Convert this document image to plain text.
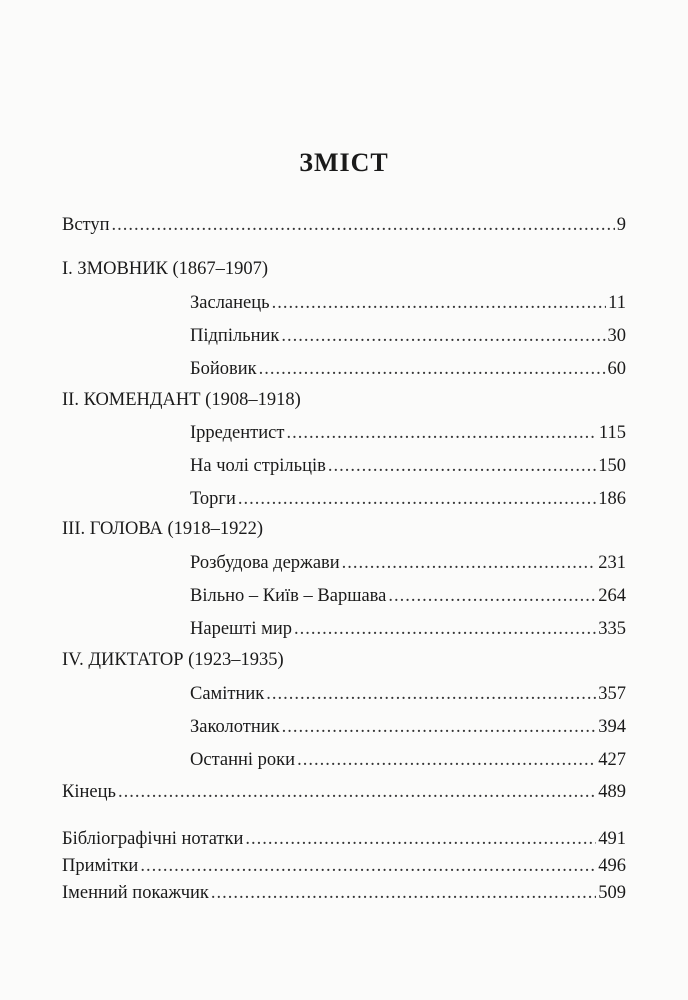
ЗМІСТ
Вступ .....	9
І. ЗМОВНИК (1867–1907)
Засланець .....	11
Підпільник .....	30
Бойовик .....	60
ІІ. КОМЕНДАНТ (1908–1918)
Ірредентист .....	115
На чолі стрільців .....	150
Торги .....	186
ІІІ. ГОЛОВА (1918–1922)
Розбудова держави .....	231
Вільно – Київ – Варшава .....	264
Нарешті мир .....	335
IV. ДИКТАТОР (1923–1935)
Самітник .....	357
Заколотник .....	394
Останні роки .....	427
Кінець .....	489
Бібліографічні нотатки .....	491
Примітки .....	496
Іменний покажчик .....	509
